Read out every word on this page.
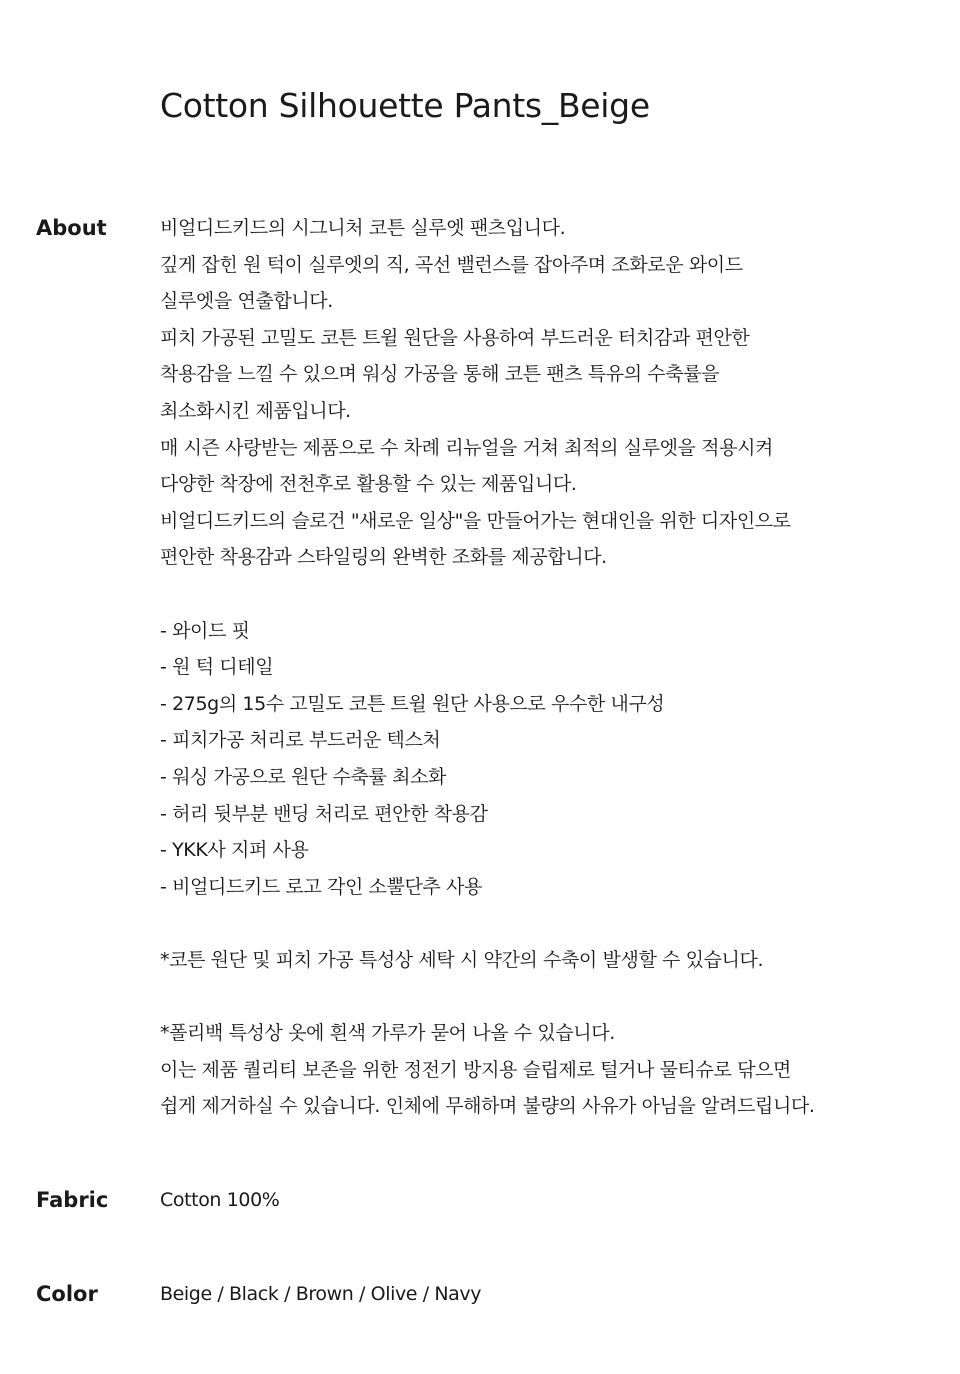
Cotton Silhouette Pants_Beige
About	비얼디드키드의 시그니처 코튼 실루엣 팬츠입니다.
깊게 잡힌 원 턱이 실루엣의 직, 곡선 밸런스를 잡아주며 조화로운 와이드
실루엣을 연출합니다.
피치 가공된 고밀도 코튼 트윌 원단을 사용하여 부드러운 터치감과 편안한
착용감을 느낄 수 있으며 워싱 가공을 통해 코튼 팬츠 특유의 수축률을
최소화시킨 제품입니다.
매 시즌 사랑받는 제품으로 수 차례 리뉴얼을 거쳐 최적의 실루엣을 적용시켜
다양한 착장에 전천후로 활용할 수 있는 제품입니다.
비얼디드키드의 슬로건 "새로운 일상"을 만들어가는 현대인을 위한 디자인으로
편안한 착용감과 스타일링의 완벽한 조화를 제공합니다.
- 와이드 핏
- 원 턱 디테일
- 275g의 15수 고밀도 코튼 트윌 원단 사용으로 우수한 내구성
- 피치가공 처리로 부드러운 텍스처
- 워싱 가공으로 원단 수축률 최소화
- 허리 뒷부분 밴딩 처리로 편안한 착용감
- YKK사 지퍼 사용
- 비얼디드키드 로고 각인 소뿔단추 사용
*코튼 원단 및 피치 가공 특성상 세탁 시 약간의 수축이 발생할 수 있습니다.
*폴리백 특성상 옷에 흰색 가루가 묻어 나올 수 있습니다.
이는 제품 퀄리티 보존을 위한 정전기 방지용 슬립제로 털거나 물티슈로 닦으면
쉽게 제거하실 수 있습니다. 인체에 무해하며 불량의 사유가 아님을 알려드립니다.
Fabric	Cotton 100%
Color	Beige / Black / Brown / Olive / Navy
